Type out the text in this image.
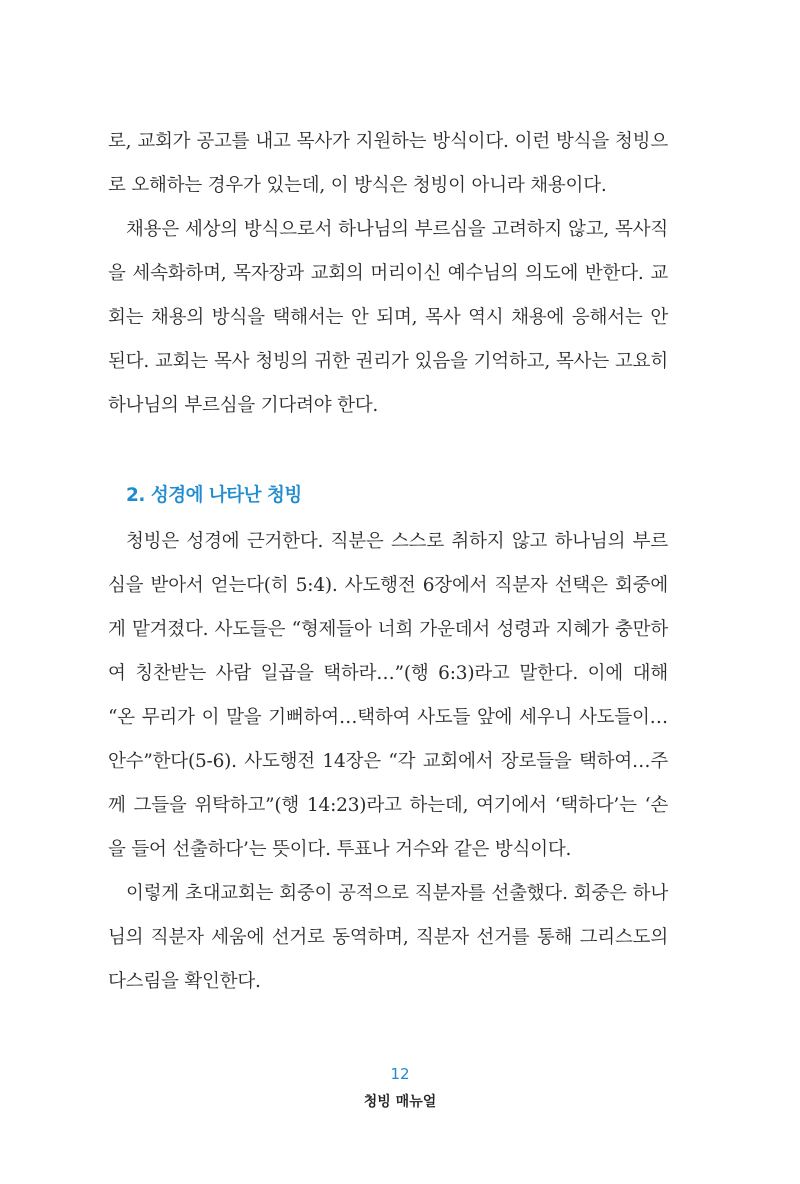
로, 교회가 공고를 내고 목사가 지원하는 방식이다. 이런 방식을 청빙으로 오해하는 경우가 있는데, 이 방식은 청빙이 아니라 채용이다.

채용은 세상의 방식으로서 하나님의 부르심을 고려하지 않고, 목사직을 세속화하며, 목자장과 교회의 머리이신 예수님의 의도에 반한다. 교회는 채용의 방식을 택해서는 안 되며, 목사 역시 채용에 응해서는 안 된다. 교회는 목사 청빙의 귀한 권리가 있음을 기억하고, 목사는 고요히 하나님의 부르심을 기다려야 한다.

2. 성경에 나타난 청빙

청빙은 성경에 근거한다. 직분은 스스로 취하지 않고 하나님의 부르심을 받아서 얻는다(히 5:4). 사도행전 6장에서 직분자 선택은 회중에게 맡겨졌다. 사도들은 “형제들아 너희 가운데서 성령과 지혜가 충만하여 칭찬받는 사람 일곱을 택하라…”(행 6:3)라고 말한다. 이에 대해 “온 무리가 이 말을 기뻐하여…택하여 사도들 앞에 세우니 사도들이…안수”한다(5-6). 사도행전 14장은 “각 교회에서 장로들을 택하여…주께 그들을 위탁하고”(행 14:23)라고 하는데, 여기에서 ‘택하다’는 ‘손을 들어 선출하다’는 뜻이다. 투표나 거수와 같은 방식이다.

이렇게 초대교회는 회중이 공적으로 직분자를 선출했다. 회중은 하나님의 직분자 세움에 선거로 동역하며, 직분자 선거를 통해 그리스도의 다스림을 확인한다.

12
청빙 매뉴얼
